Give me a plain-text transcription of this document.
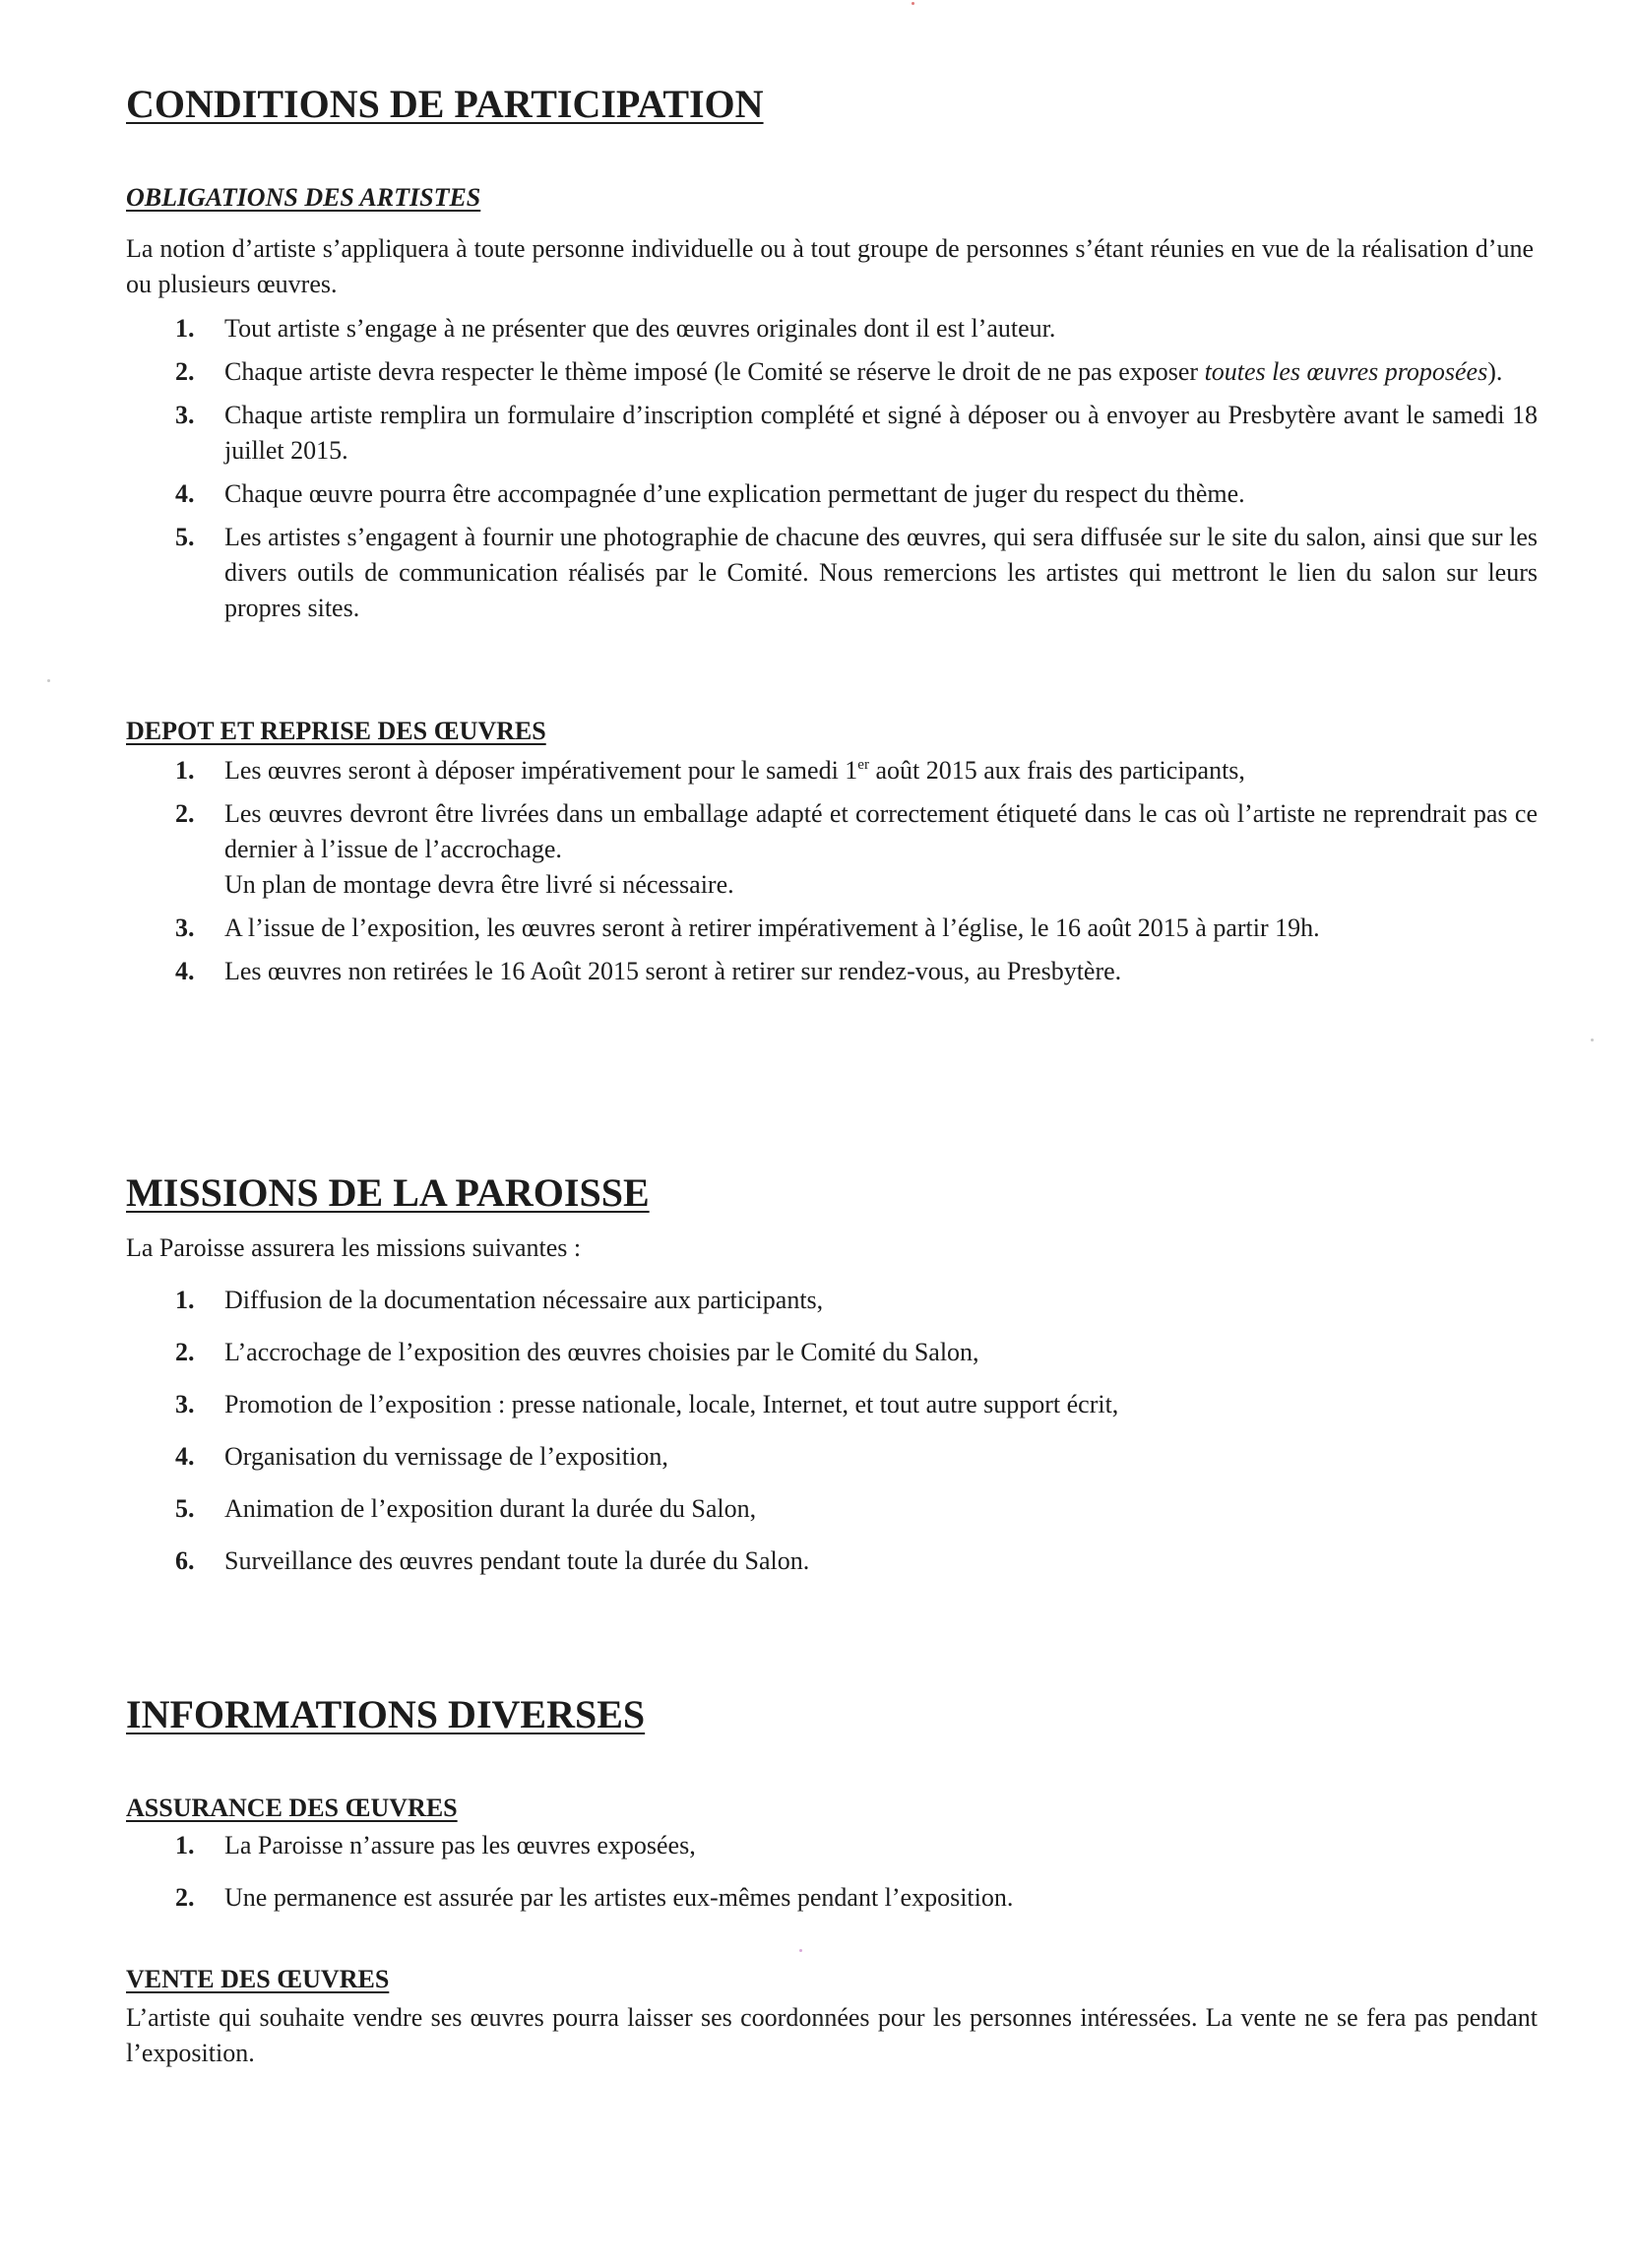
CONDITIONS DE PARTICIPATION
OBLIGATIONS DES ARTISTES

La notion d’artiste s’appliquera à toute personne individuelle ou à tout groupe de personnes s’étant réunies en vue de la réalisation d’une ou plusieurs œuvres.

1. Tout artiste s’engage à ne présenter que des œuvres originales dont il est l’auteur.
2. Chaque artiste devra respecter le thème imposé (le Comité se réserve le droit de ne pas exposer toutes les œuvres proposées).
3. Chaque artiste remplira un formulaire d’inscription complété et signé à déposer ou à envoyer au Presbytère avant le samedi 18 juillet 2015.
4. Chaque œuvre pourra être accompagnée d’une explication permettant de juger du respect du thème.
5. Les artistes s’engagent à fournir une photographie de chacune des œuvres, qui sera diffusée sur le site du salon, ainsi que sur les divers outils de communication réalisés par le Comité. Nous remercions les artistes qui mettront le lien du salon sur leurs propres sites.
DEPOT ET REPRISE DES ŒUVRES
1. Les œuvres seront à déposer impérativement pour le samedi 1er août 2015 aux frais des participants,
2. Les œuvres devront être livrées dans un emballage adapté et correctement étiqueté dans le cas où l’artiste ne reprendrait pas ce dernier à l’issue de l’accrochage.
Un plan de montage devra être livré si nécessaire.
3. A l’issue de l’exposition, les œuvres seront à retirer impérativement à l’église, le 16 août 2015 à partir 19h.
4. Les œuvres non retirées le 16 Août 2015 seront à retirer sur rendez-vous, au Presbytère.
MISSIONS DE LA PAROISSE

La Paroisse assurera les missions suivantes :

1. Diffusion de la documentation nécessaire aux participants,
2. L’accrochage de l’exposition des œuvres choisies par le Comité du Salon,
3. Promotion de l’exposition : presse nationale, locale, Internet, et tout autre support écrit,
4. Organisation du vernissage de l’exposition,
5. Animation de l’exposition durant la durée du Salon,
6. Surveillance des œuvres pendant toute la durée du Salon.
INFORMATIONS DIVERSES
ASSURANCE DES ŒUVRES
1. La Paroisse n’assure pas les œuvres exposées,
2. Une permanence est assurée par les artistes eux-mêmes pendant l’exposition.
VENTE DES ŒUVRES

L’artiste qui souhaite vendre ses œuvres pourra laisser ses coordonnées pour les personnes intéressées. La vente ne se fera pas pendant l’exposition.
